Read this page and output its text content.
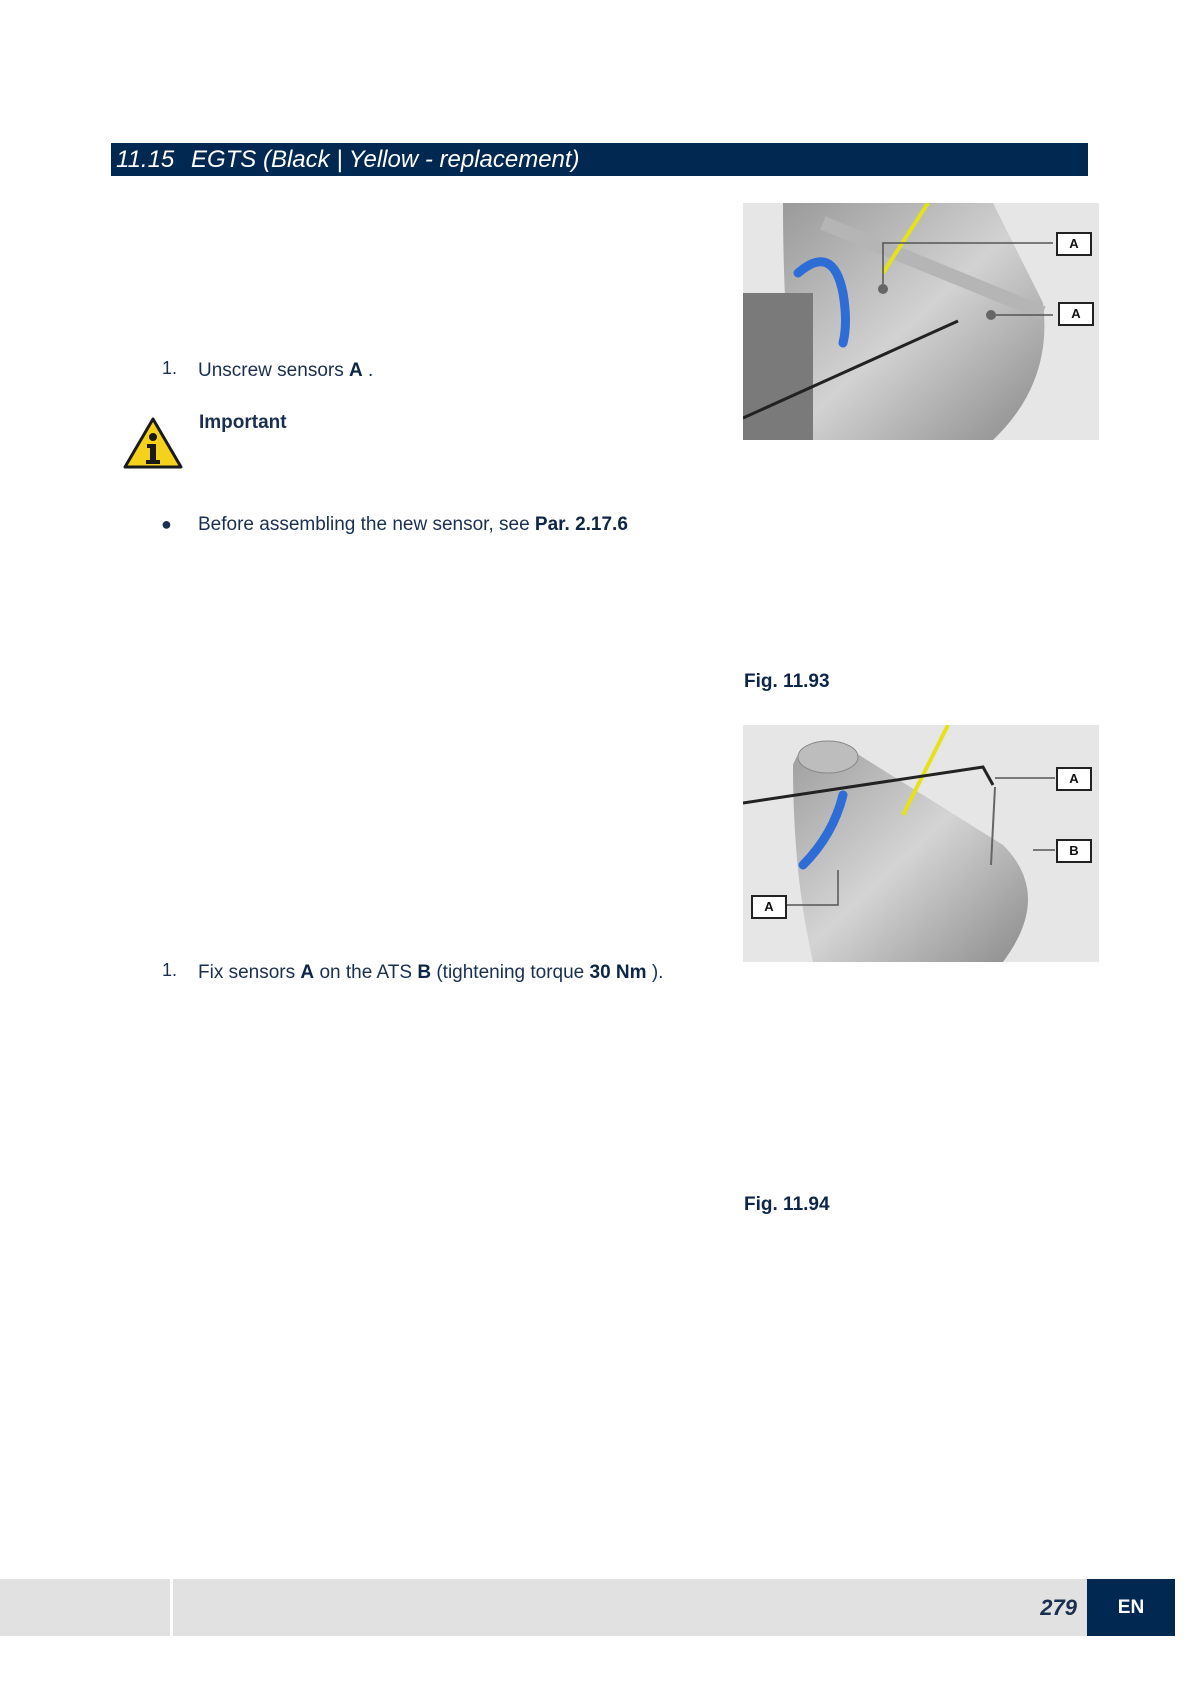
11.15 EGTS (Black | Yellow - replacement)
1. Unscrew sensors A .
Important
● Before assembling the new sensor, see Par. 2.17.6
A
A
Fig. 11.93
A
B
A
1. Fix sensors A on the ATS B (tightening torque 30 Nm ).
Fig. 11.94
279	EN
